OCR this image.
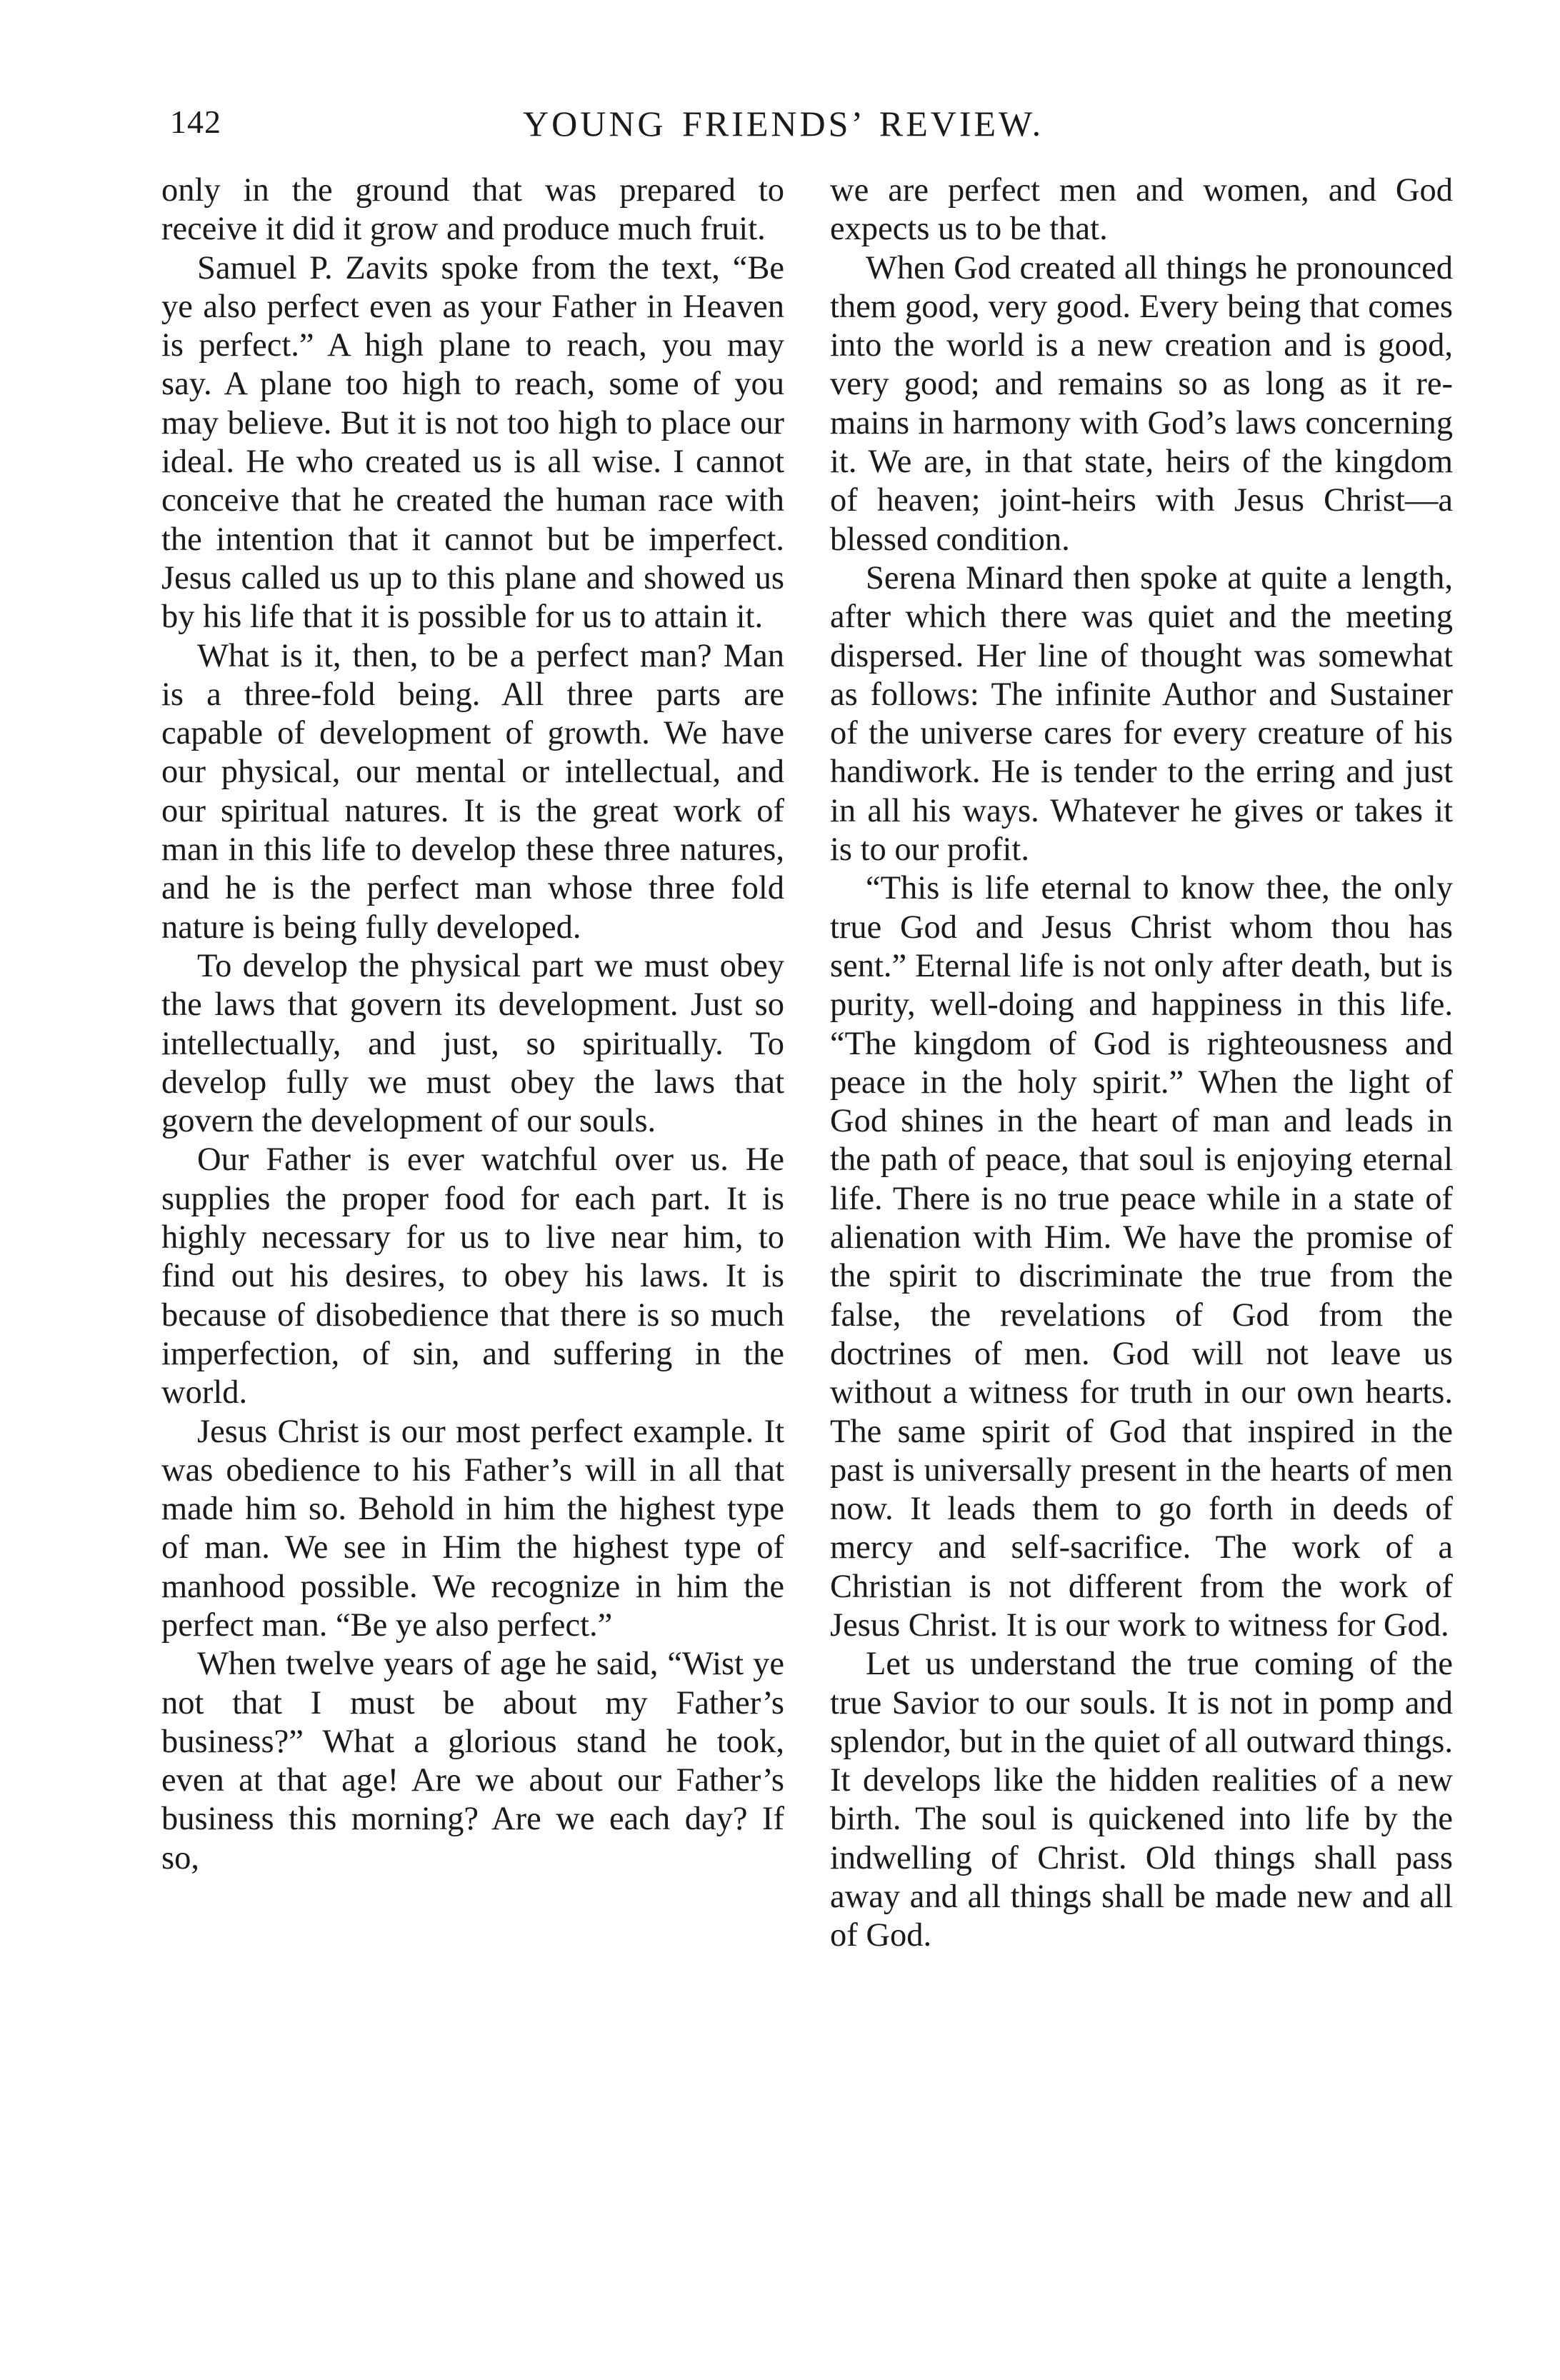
142	YOUNG FRIENDS’ REVIEW.

only in the ground that was prepared to receive it did it grow and produce much fruit.

Samuel P. Zavits spoke from the text, “Be ye also perfect even as your Father in Heaven is perfect.” A high plane to reach, you may say. A plane too high to reach, some of you may believe. But it is not too high to place our ideal. He who created us is all wise. I cannot conceive that he created the human race with the intention that it cannot but be imperfect. Jesus called us up to this plane and showed us by his life that it is possible for us to attain it.

What is it, then, to be a perfect man? Man is a three-fold being. All three parts are capable of development of growth. We have our physical, our mental or intellectual, and our spiritual natures. It is the great work of man in this life to develop these three natures, and he is the perfect man whose three fold nature is being fully developed.

To develop the physical part we must obey the laws that govern its development. Just so intellectually, and just, so spiritually. To develop fully we must obey the laws that govern the development of our souls.

Our Father is ever watchful over us. He supplies the proper food for each part. It is highly necessary for us to live near him, to find out his desires, to obey his laws. It is because of disobedience that there is so much imperfection, of sin, and suffering in the world.

Jesus Christ is our most perfect example. It was obedience to his Father’s will in all that made him so. Behold in him the highest type of man. We see in Him the highest type of manhood possible. We recognize in him the perfect man. “Be ye also perfect.”

When twelve years of age he said, “Wist ye not that I must be about my Father’s business?” What a glorious stand he took, even at that age! Are we about our Father’s business this morning? Are we each day? If so,

we are perfect men and women, and God expects us to be that.

When God created all things he pronounced them good, very good. Every being that comes into the world is a new creation and is good, very good; and remains so as long as it remains in harmony with God’s laws concerning it. We are, in that state, heirs of the kingdom of heaven; joint-heirs with Jesus Christ—a blessed condition.

Serena Minard then spoke at quite a length, after which there was quiet and the meeting dispersed. Her line of thought was somewhat as follows: The infinite Author and Sustainer of the universe cares for every creature of his handiwork. He is tender to the erring and just in all his ways. Whatever he gives or takes it is to our profit.

“This is life eternal to know thee, the only true God and Jesus Christ whom thou has sent.” Eternal life is not only after death, but is purity, well-doing and happiness in this life. “The kingdom of God is righteousness and peace in the holy spirit.” When the light of God shines in the heart of man and leads in the path of peace, that soul is enjoying eternal life. There is no true peace while in a state of alienation with Him. We have the promise of the spirit to discriminate the true from the false, the revelations of God from the doctrines of men. God will not leave us without a witness for truth in our own hearts. The same spirit of God that inspired in the past is universally present in the hearts of men now. It leads them to go forth in deeds of mercy and self-sacrifice. The work of a Christian is not different from the work of Jesus Christ. It is our work to witness for God.

Let us understand the true coming of the true Savior to our souls. It is not in pomp and splendor, but in the quiet of all outward things. It develops like the hidden realities of a new birth. The soul is quickened into life by the indwelling of Christ. Old things shall pass away and all things shall be made new and all of God.
